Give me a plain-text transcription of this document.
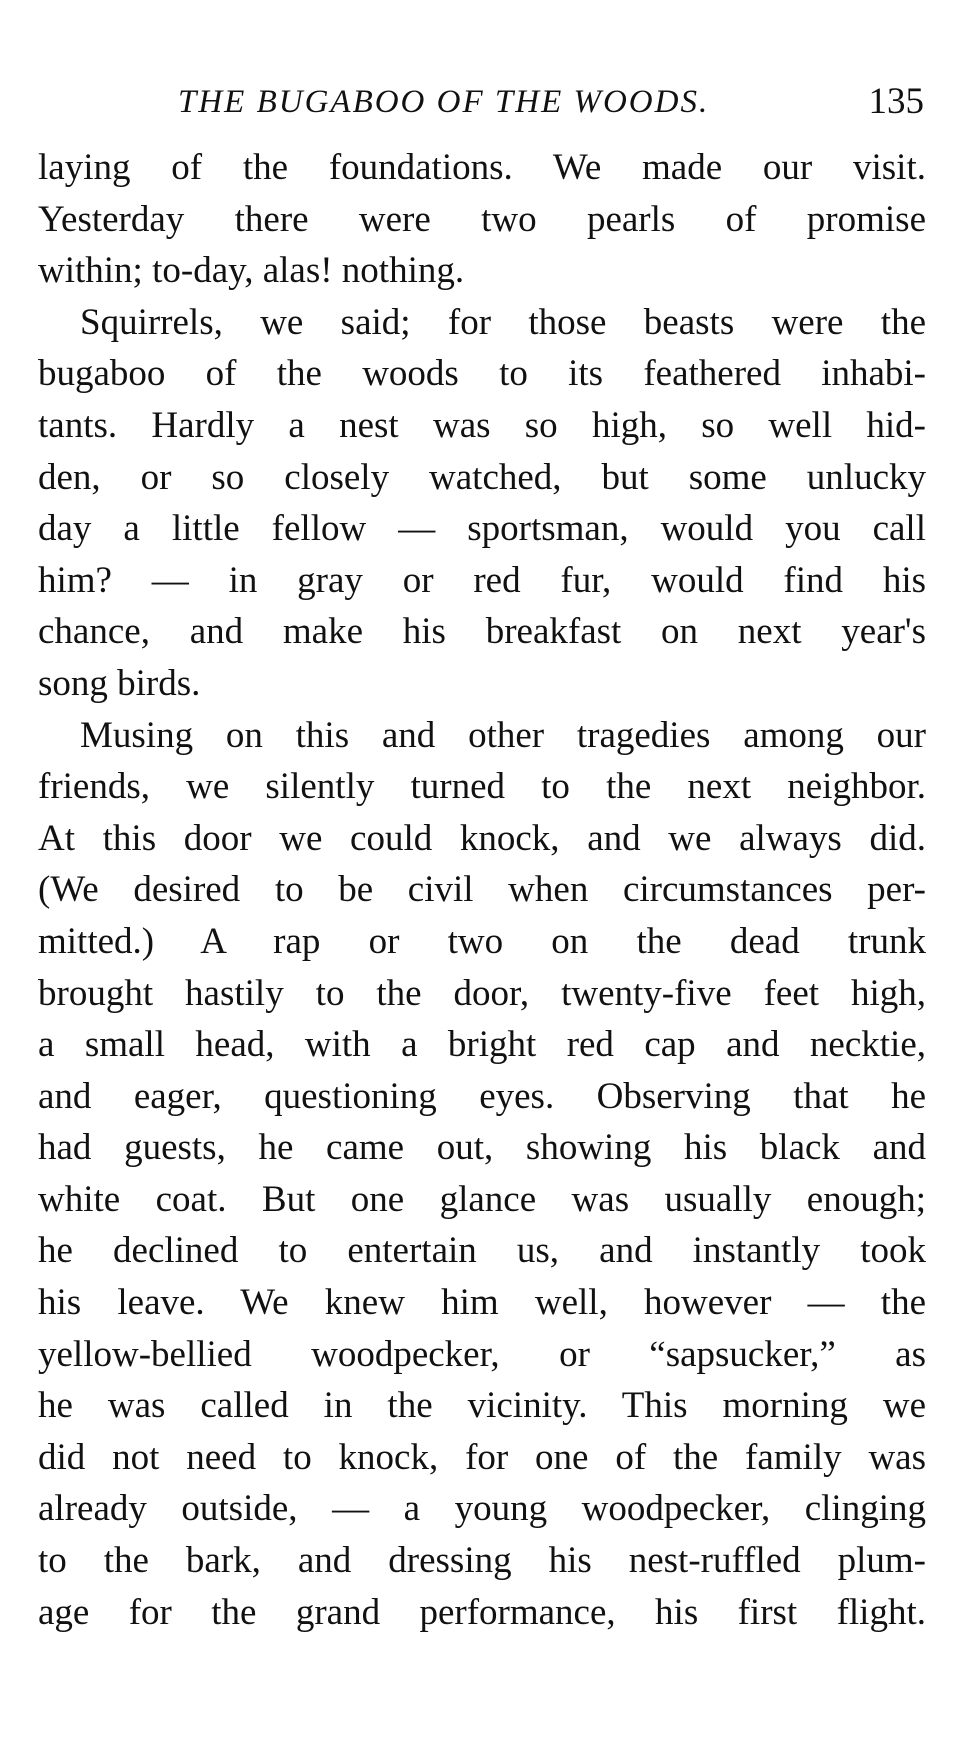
THE BUGABOO OF THE WOODS.	135

laying of the foundations. We made our visit.
Yesterday there were two pearls of promise
within; to-day, alas! nothing.

Squirrels, we said; for those beasts were the
bugaboo of the woods to its feathered inhabi-
tants. Hardly a nest was so high, so well hid-
den, or so closely watched, but some unlucky
day a little fellow — sportsman, would you call
him? — in gray or red fur, would find his
chance, and make his breakfast on next year's
song birds.

Musing on this and other tragedies among our
friends, we silently turned to the next neighbor.
At this door we could knock, and we always did.
(We desired to be civil when circumstances per-
mitted.) A rap or two on the dead trunk
brought hastily to the door, twenty-five feet high,
a small head, with a bright red cap and necktie,
and eager, questioning eyes. Observing that he
had guests, he came out, showing his black and
white coat. But one glance was usually enough;
he declined to entertain us, and instantly took
his leave. We knew him well, however — the
yellow-bellied woodpecker, or “sapsucker,” as
he was called in the vicinity. This morning we
did not need to knock, for one of the family was
already outside, — a young woodpecker, clinging
to the bark, and dressing his nest-ruffled plum-
age for the grand performance, his first flight.
